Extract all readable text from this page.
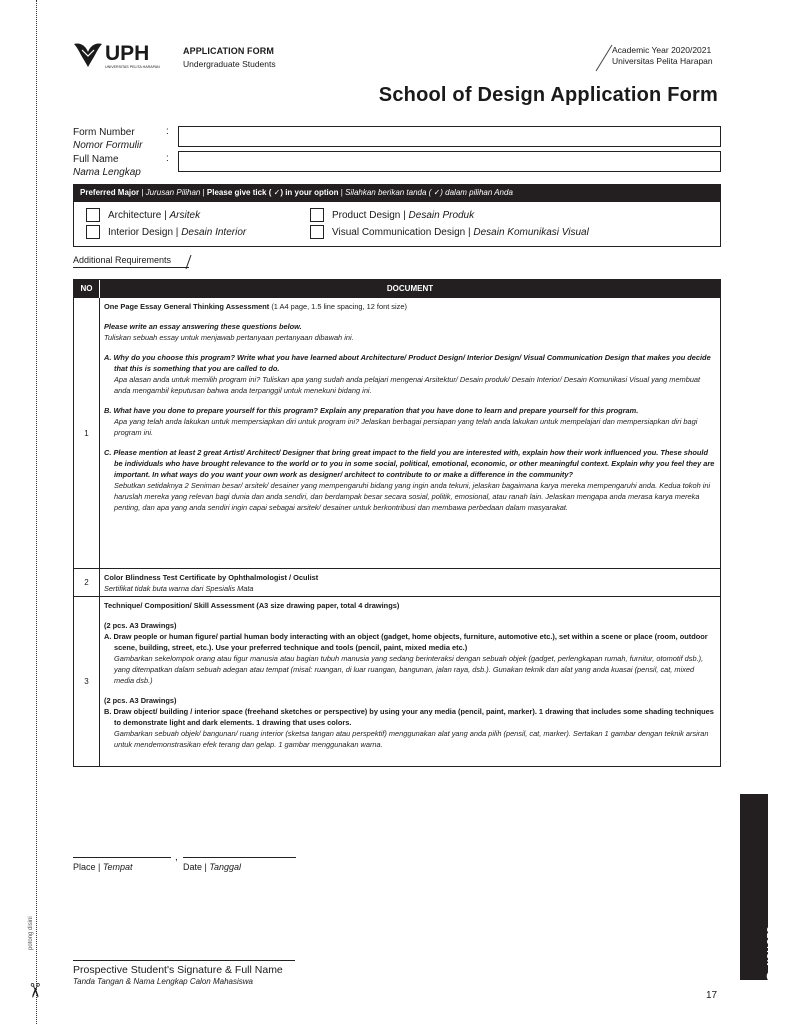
potong disini
✂
UPH
UNIVERSITAS PELITA HARAPAN
APPLICATION FORM
Undergraduate Students
Academic Year 2020/2021
Universitas Pelita Harapan
School of Design Application Form
Form Number
Nomor Formulir
:
Full Name
Nama Lengkap
:
Preferred Major | Jurusan Pilihan | Please give tick ( ✓) in your option | Silahkan berikan tanda ( ✓) dalam pilihan Anda
Architecture | Arsitek
Interior Design | Desain Interior
Product Design | Desain Produk
Visual Communication Design | Desain Komunikasi Visual
Additional Requirements
NO	DOCUMENT
1
One Page Essay General Thinking Assessment (1 A4 page, 1.5 line spacing, 12 font size)
Please write an essay answering these questions below.
Tuliskan sebuah essay untuk menjawab pertanyaan pertanyaan dibawah ini.
A. Why do you choose this program? Write what you have learned about Architecture/ Product Design/ Interior Design/ Visual Communication Design that makes you decide that this is something that you are called to do.
Apa alasan anda untuk memilih program ini? Tuliskan apa yang sudah anda pelajari mengenai Arsitektur/ Desain produk/ Desain Interior/ Desain Komunikasi Visual yang membuat anda mengambil keputusan bahwa anda terpanggil untuk menekuni bidang ini.
B. What have you done to prepare yourself for this program? Explain any preparation that you have done to learn and prepare yourself for this program.
Apa yang telah anda lakukan untuk mempersiapkan diri untuk program ini? Jelaskan berbagai persiapan yang telah anda lakukan untuk mempelajari dan mempersiapkan diri bagi program ini.
C. Please mention at least 2 great Artist/ Architect/ Designer that bring great impact to the field you are interested with, explain how their work influenced you. These should be individuals who have brought relevance to the world or to you in some social, political, emotional, economic, or other meaningful context. Explain why you feel they are important. In what ways do you want your own work as designer/ architect to contribute to or make a difference in the community?
Sebutkan setidaknya 2 Seniman besar/ arsitek/ desainer yang mempengaruhi bidang yang ingin anda tekuni, jelaskan bagaimana karya mereka mempengaruhi anda. Kedua tokoh ini haruslah mereka yang relevan bagi dunia dan anda sendiri, dan berdampak besar secara sosial, politik, emosional, atau ranah lain. Jelaskan mengapa anda merasa karya mereka penting, dan apa yang anda sendiri ingin capai sebagai arsitek/ desainer untuk berkontribusi dan membawa perbedaan dalam masyarakat.
2
Color Blindness Test Certificate by Ophthalmologist / Oculist
Sertifikat tidak buta warna dari Spesialis Mata
3
Technique/ Composition/ Skill Assessment (A3 size drawing paper, total 4 drawings)
(2 pcs. A3 Drawings)
A. Draw people or human figure/ partial human body interacting with an object (gadget, home objects, furniture, automotive etc.), set within a scene or place (room, outdoor scene, building, street, etc.). Use your preferred technique and tools (pencil, paint, mixed media etc.)
Gambarkan sekelompok orang atau figur manusia atau bagian tubuh manusia yang sedang berinteraksi dengan sebuah objek (gadget, perlengkapan rumah, furnitur, otomotif dsb.), yang ditempatkan dalam sebuah adegan atau tempat (misal: ruangan, di luar ruangan, bangunan, jalan raya, dsb.). Gunakan teknik dan alat yang anda kuasai (pensil, cat, mixed media dsb.)
(2 pcs. A3 Drawings)
B. Draw object/ building / interior space (freehand sketches or perspective) by using your any media (pencil, paint, marker). 1 drawing that includes some shading techniques to demonstrate light and dark elements. 1 drawing that uses colors.
Gambarkan sebuah objek/ bangunan/ ruang interior (sketsa tangan atau perspektif) menggunakan alat yang anda pilih (pensil, cat, marker). Sertakan 1 gambar dengan teknik arsiran untuk mendemonstrasikan efek terang dan gelap. 1 gambar menggunakan warna.
,
Place | Tempat	Date | Tanggal
Prospective Student's Signature & Full Name
Tanda Tangan & Nama Lengkap Calon Mahasiswa
SECTION03
17
